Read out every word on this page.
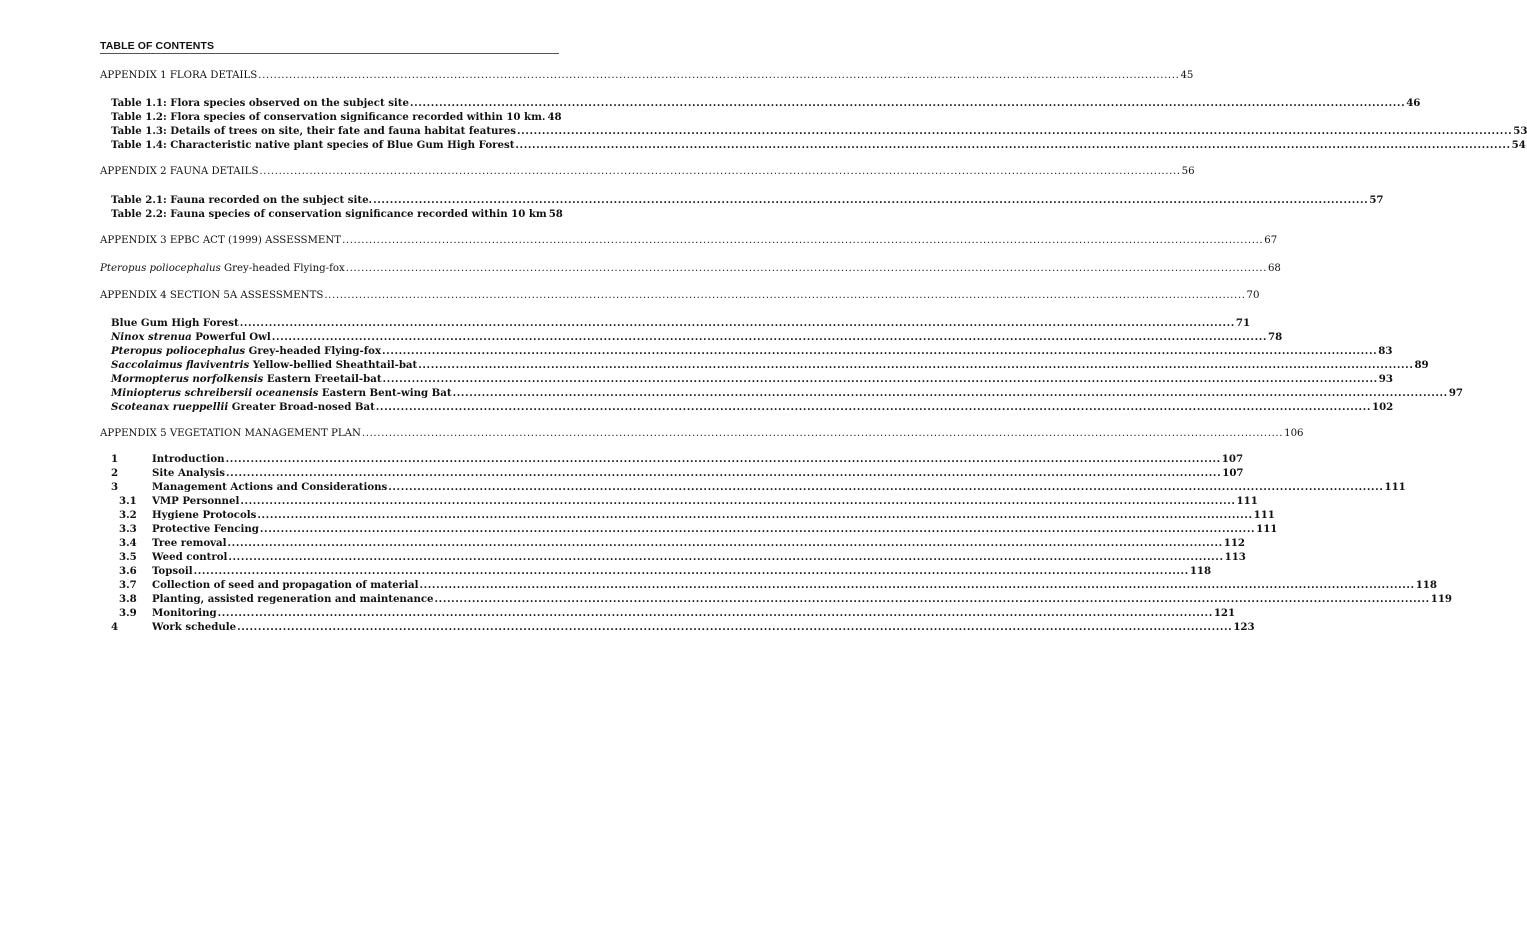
TABLE OF CONTENTS
APPENDIX 1 FLORA DETAILS .....	45
Table 1.1: Flora species observed on the subject site .....	46
Table 1.2: Flora species of conservation significance recorded within 10 km. 48
Table 1.3: Details of trees on site, their fate and fauna habitat features .....	53
Table 1.4: Characteristic native plant species of Blue Gum High Forest .....	54
APPENDIX 2 FAUNA DETAILS .....	56
Table 2.1: Fauna recorded on the subject site. .....	57
Table 2.2: Fauna species of conservation significance recorded within 10 km 58
APPENDIX 3 EPBC ACT (1999) ASSESSMENT .....	67
Pteropus poliocephalus Grey-headed Flying-fox .....	68
APPENDIX 4 SECTION 5A ASSESSMENTS .....	70
Blue Gum High Forest .....	71
Ninox strenua Powerful Owl .....	78
Pteropus poliocephalus Grey-headed Flying-fox .....	83
Saccolaimus flaviventris Yellow-bellied Sheathtail-bat .....	89
Mormopterus norfolkensis Eastern Freetail-bat .....	93
Miniopterus schreibersii oceanensis Eastern Bent-wing Bat .....	97
Scoteanax rueppellii Greater Broad-nosed Bat .....	102
APPENDIX 5 VEGETATION MANAGEMENT PLAN .....	106
1	Introduction .....	107
2	Site Analysis .....	107
3	Management Actions and Considerations .....	111
3.1 VMP Personnel .....	111
3.2 Hygiene Protocols .....	111
3.3 Protective Fencing .....	111
3.4 Tree removal .....	112
3.5 Weed control .....	113
3.6 Topsoil .....	118
3.7 Collection of seed and propagation of material .....	118
3.8 Planting, assisted regeneration and maintenance .....	119
3.9 Monitoring .....	121
4	Work schedule .....	123
